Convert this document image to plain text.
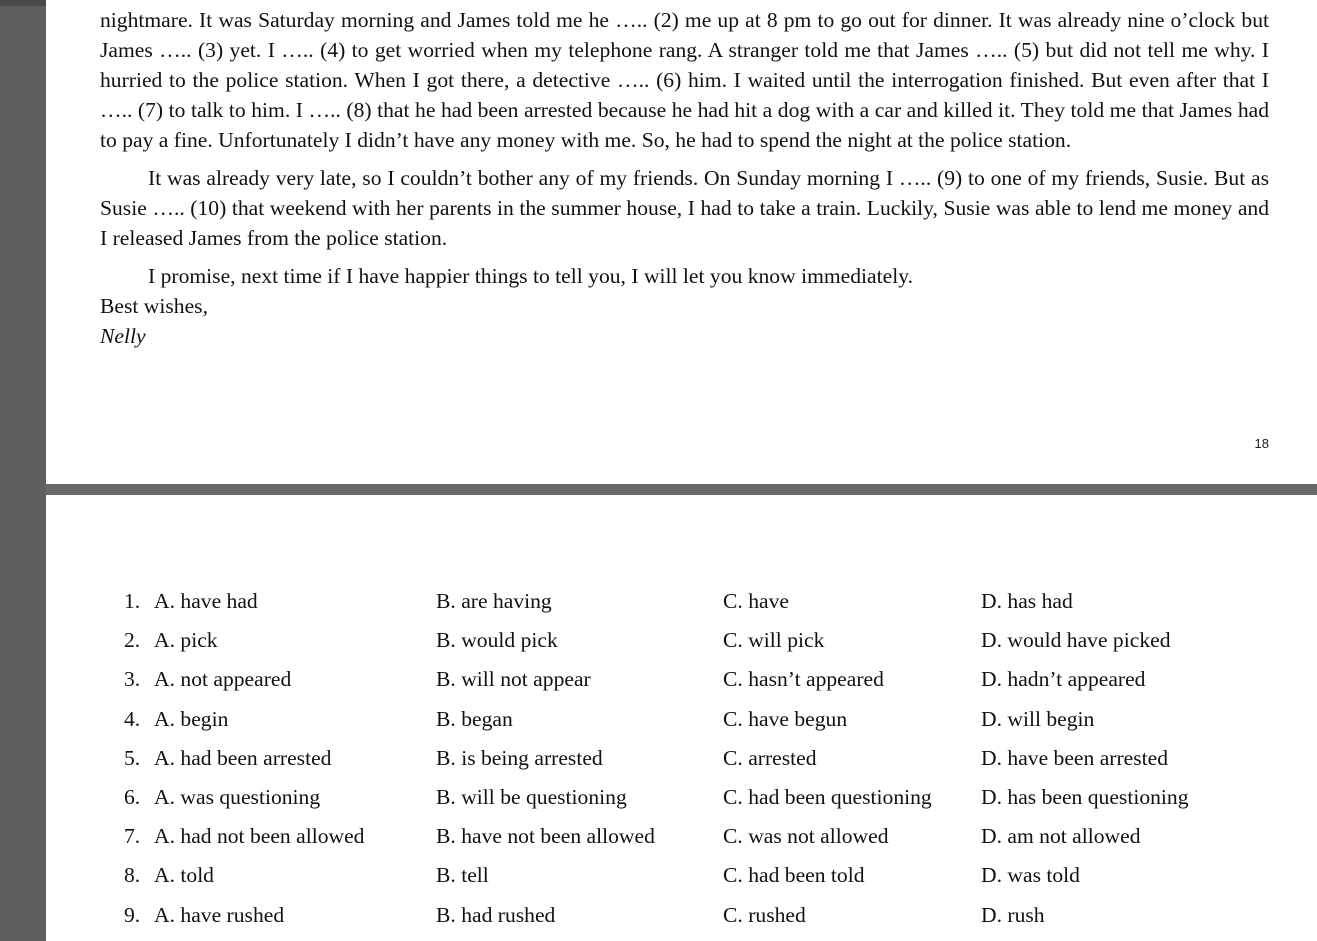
nightmare. It was Saturday morning and James told me he ….. (2) me up at 8 pm to go out for dinner. It was already nine o’clock but James ….. (3) yet. I ….. (4) to get worried when my telephone rang. A stranger told me that James ….. (5) but did not tell me why. I hurried to the police station. When I got there, a detective ….. (6) him. I waited until the interrogation finished. But even after that I ….. (7) to talk to him. I ….. (8) that he had been arrested because he had hit a dog with a car and killed it. They told me that James had to pay a fine. Unfortunately I didn’t have any money with me. So, he had to spend the night at the police station.

It was already very late, so I couldn’t bother any of my friends. On Sunday morning I ….. (9) to one of my friends, Susie. But as Susie ….. (10) that weekend with her parents in the summer house, I had to take a train. Luckily, Susie was able to lend me money and I released James from the police station.

I promise, next time if I have happier things to tell you, I will let you know immediately.

Best wishes,

Nelly

18
1. A. have had	B. are having	C. have	D. has had
2. A. pick	B. would pick	C. will pick	D. would have picked
3. A. not appeared	B. will not appear	C. hasn’t appeared	D. hadn’t appeared
4. A. begin	B. began	C. have begun	D. will begin
5. A. had been arrested	B. is being arrested	C. arrested	D. have been arrested
6. A. was questioning	B. will be questioning	C. had been questioning D. has been questioning
7. A. had not been allowed	B. have not been allowed	C. was not allowed	D. am not allowed
8. A. told	B. tell	C. had been told	D. was told
9. A. have rushed	B. had rushed	C. rushed	D. rush
